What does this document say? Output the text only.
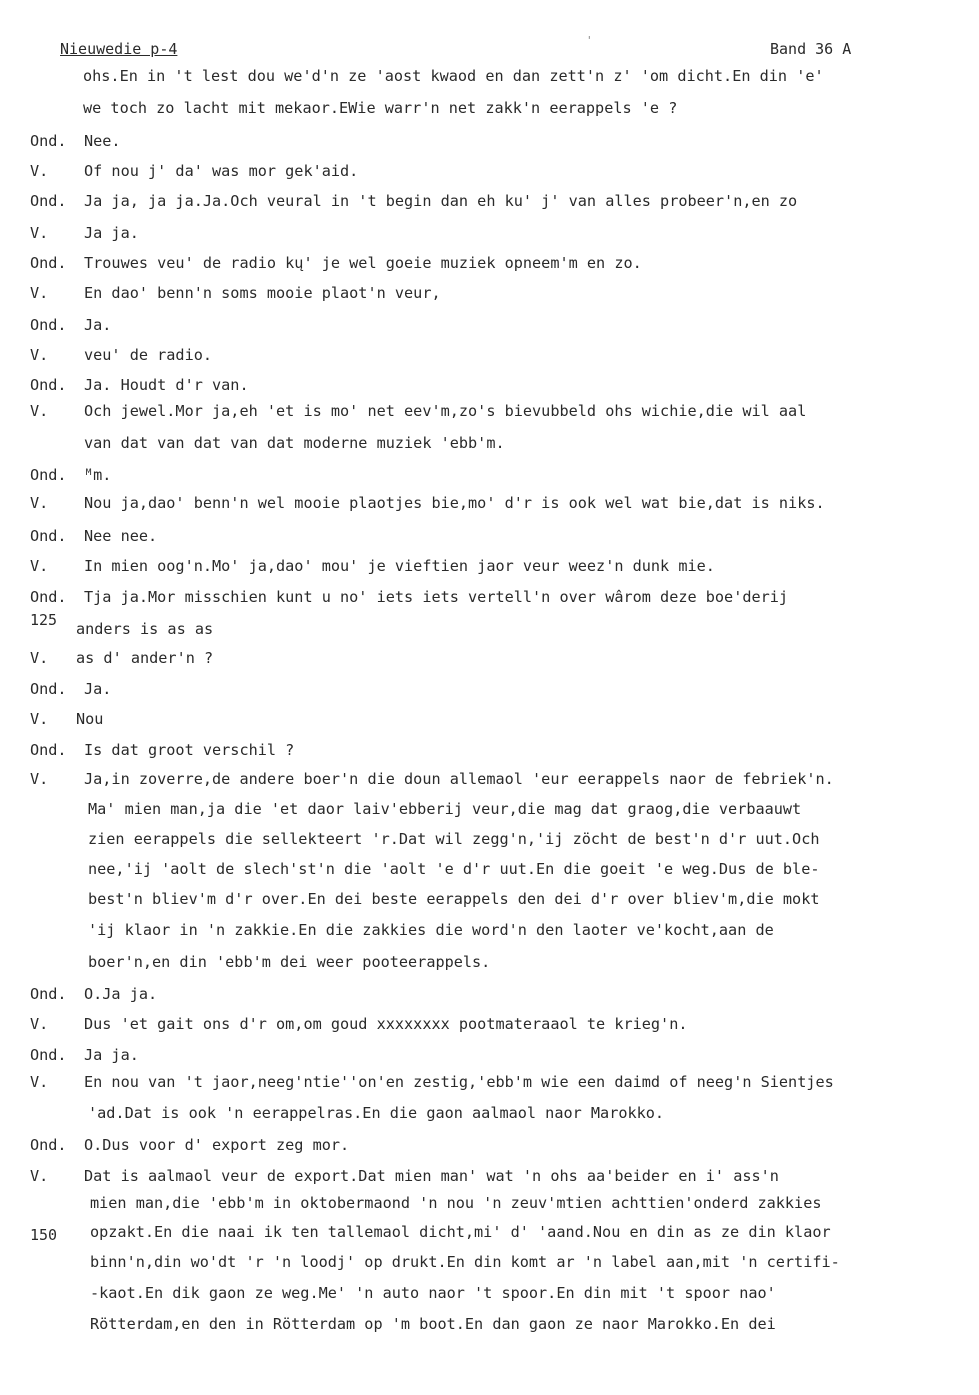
Nieuwedie p-4	'	Band 36 A
125
150
ohs.En in 't lest dou we'd'n ze 'aost kwaod en dan zett'n z' 'om dicht.En din 'e'
we toch zo lacht mit mekaor.EWie warr'n net zakk'n eerappels 'e ?
Ond. Nee.
V. Of nou j' da' was mor gek'aid.
Ond. Ja ja, ja ja.Ja.Och veural in 't begin dan eh ku' j' van alles probeer'n,en zo
V. Ja ja.
Ond. Trouwes veu' de radio kų' je wel goeie muziek opneem'm en zo.
V. En dao' benn'n soms mooie plaot'n veur,
Ond. Ja.
V. veu' de radio.
Ond. Ja. Houdt d'r van.
V. Och jewel.Mor ja,eh 'et is mo' net eev'm,zo's bievubbeld ohs wichie,die wil aal
van dat van dat van dat moderne muziek 'ebb'm.
Ond. ᴹm.
V. Nou ja,dao' benn'n wel mooie plaotjes bie,mo' d'r is ook wel wat bie,dat is niks.
Ond. Nee nee.
V. In mien oog'n.Mo' ja,dao' mou' je vieftien jaor veur weez'n dunk mie.
Ond. Tja ja.Mor misschien kunt u no' iets iets vertell'n over wârom deze boe'derij
anders is as as
V. as d' ander'n ?
Ond. Ja.
V. Nou
Ond. Is dat groot verschil ?
V. Ja,in zoverre,de andere boer'n die doun allemaol 'eur eerappels naor de febriek'n.
Ma' mien man,ja die 'et daor laiv'ebberij veur,die mag dat graog,die verbaauwt
zien eerappels die sellekteert 'r.Dat wil zegg'n,'ij zöcht de best'n d'r uut.Och
nee,'ij 'aolt de slech'st'n die 'aolt 'e d'r uut.En die goeit 'e weg.Dus de ble-
best'n bliev'm d'r over.En dei beste eerappels den dei d'r over bliev'm,die mokt
'ij klaor in 'n zakkie.En die zakkies die word'n den laoter ve'kocht,aan de
boer'n,en din 'ebb'm dei weer pooteerappels.
Ond. O.Ja ja.
V. Dus 'et gait ons d'r om,om goud xxxxxxxx pootmateraaol te krieg'n.
Ond. Ja ja.
V. En nou van 't jaor,neeg'ntie''on'en zestig,'ebb'm wie een daimd of neeg'n Sientjes
'ad.Dat is ook 'n eerappelras.En die gaon aalmaol naor Marokko.
Ond. O.Dus voor d' export zeg mor.
V. Dat is aalmaol veur de export.Dat mien man' wat 'n ohs aa'beider en i' ass'n
mien man,die 'ebb'm in oktobermaond 'n nou 'n zeuv'mtien achttien'onderd zakkies
opzakt.En die naai ik ten tallemaol dicht,mi' d' 'aand.Nou en din as ze din klaor
binn'n,din wo'dt 'r 'n loodj' op drukt.En din komt ar 'n label aan,mit 'n certifi-
-kaot.En dik gaon ze weg.Me' 'n auto naor 't spoor.En din mit 't spoor nao'
Rötterdam,en den in Rötterdam op 'm boot.En dan gaon ze naor Marokko.En dei
